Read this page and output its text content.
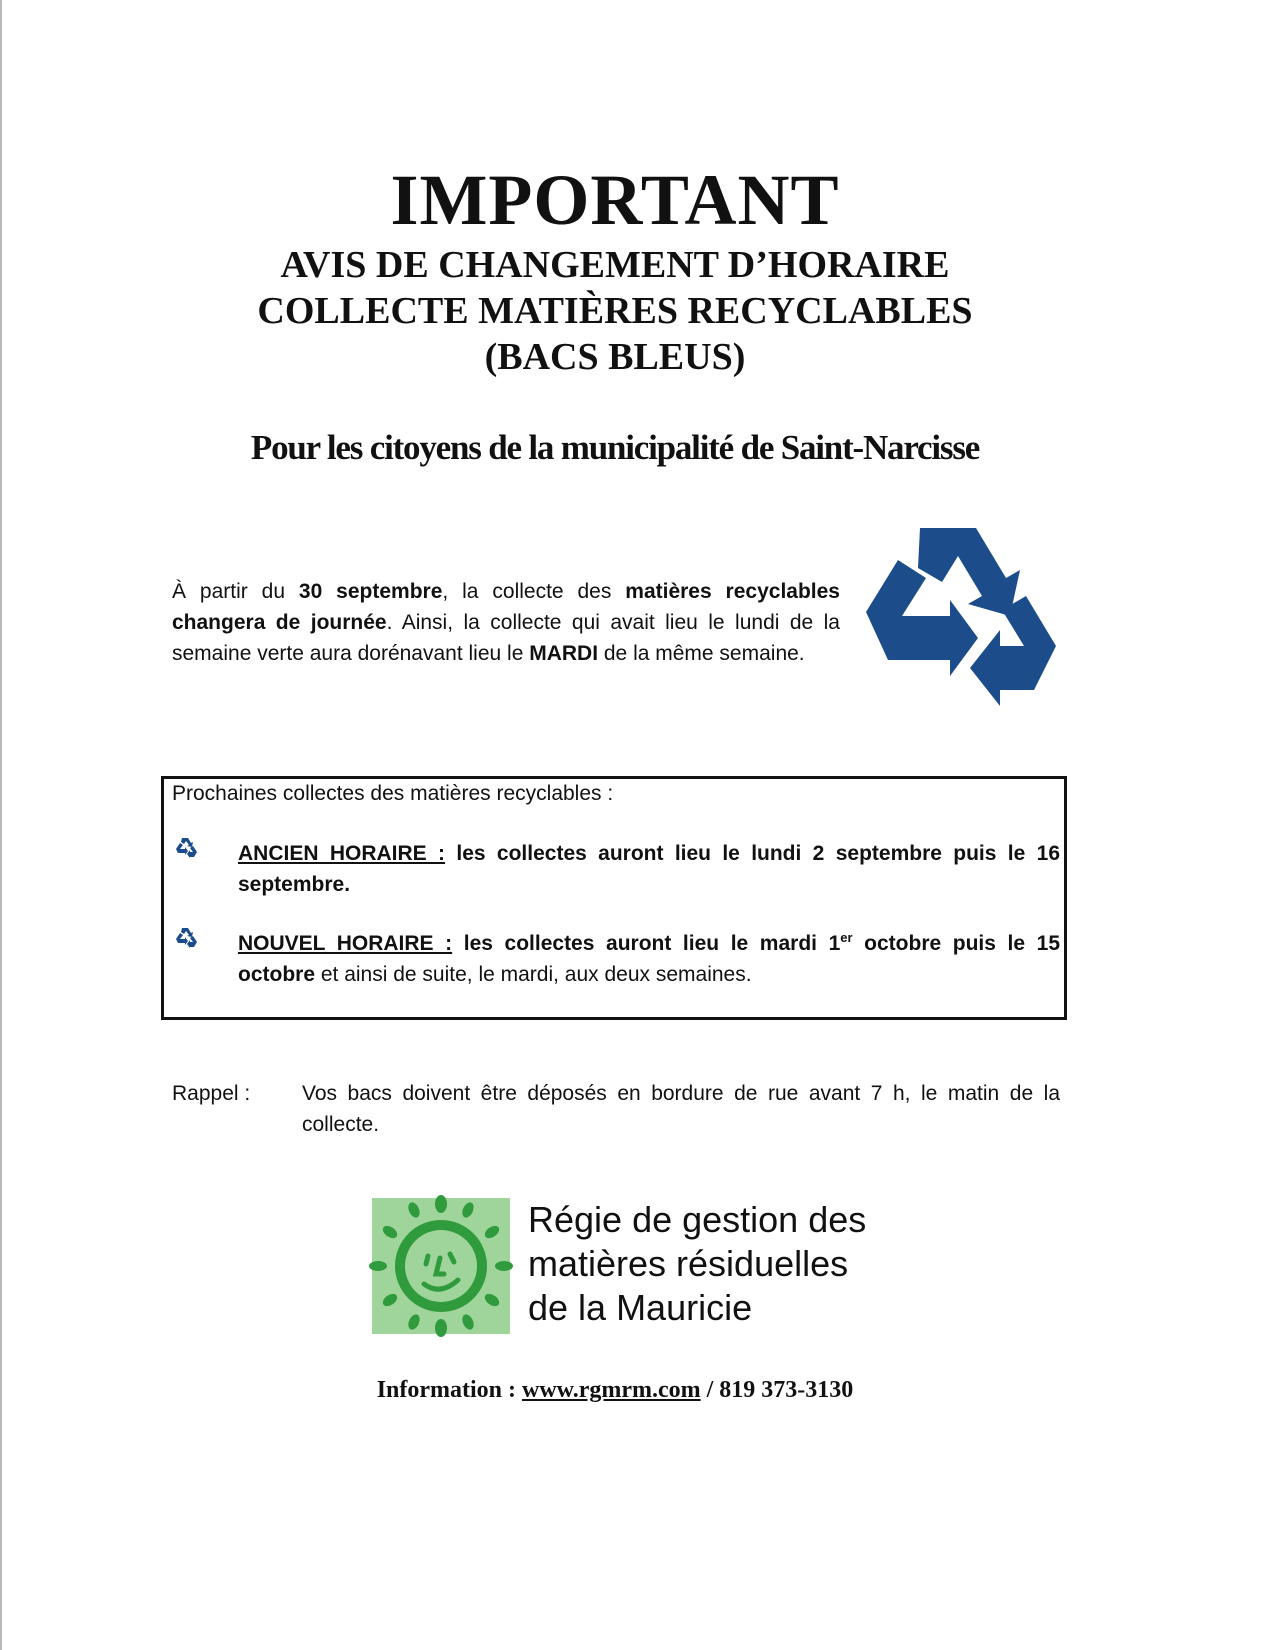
IMPORTANT
AVIS DE CHANGEMENT D’HORAIRE
COLLECTE MATIÈRES RECYCLABLES
(BACS BLEUS)
Pour les citoyens de la municipalité de Saint-Narcisse
À partir du 30 septembre, la collecte des matières recyclables changera de journée. Ainsi, la collecte qui avait lieu le lundi de la semaine verte aura dorénavant lieu le MARDI de la même semaine.
Prochaines collectes des matières recyclables :
ANCIEN HORAIRE : les collectes auront lieu le lundi 2 septembre puis le 16 septembre.
NOUVEL HORAIRE : les collectes auront lieu le mardi 1er octobre puis le 15 octobre et ainsi de suite, le mardi, aux deux semaines.
Rappel : Vos bacs doivent être déposés en bordure de rue avant 7 h, le matin de la collecte.
Régie de gestion des
matières résiduelles
de la Mauricie
Information : www.rgmrm.com / 819 373-3130
